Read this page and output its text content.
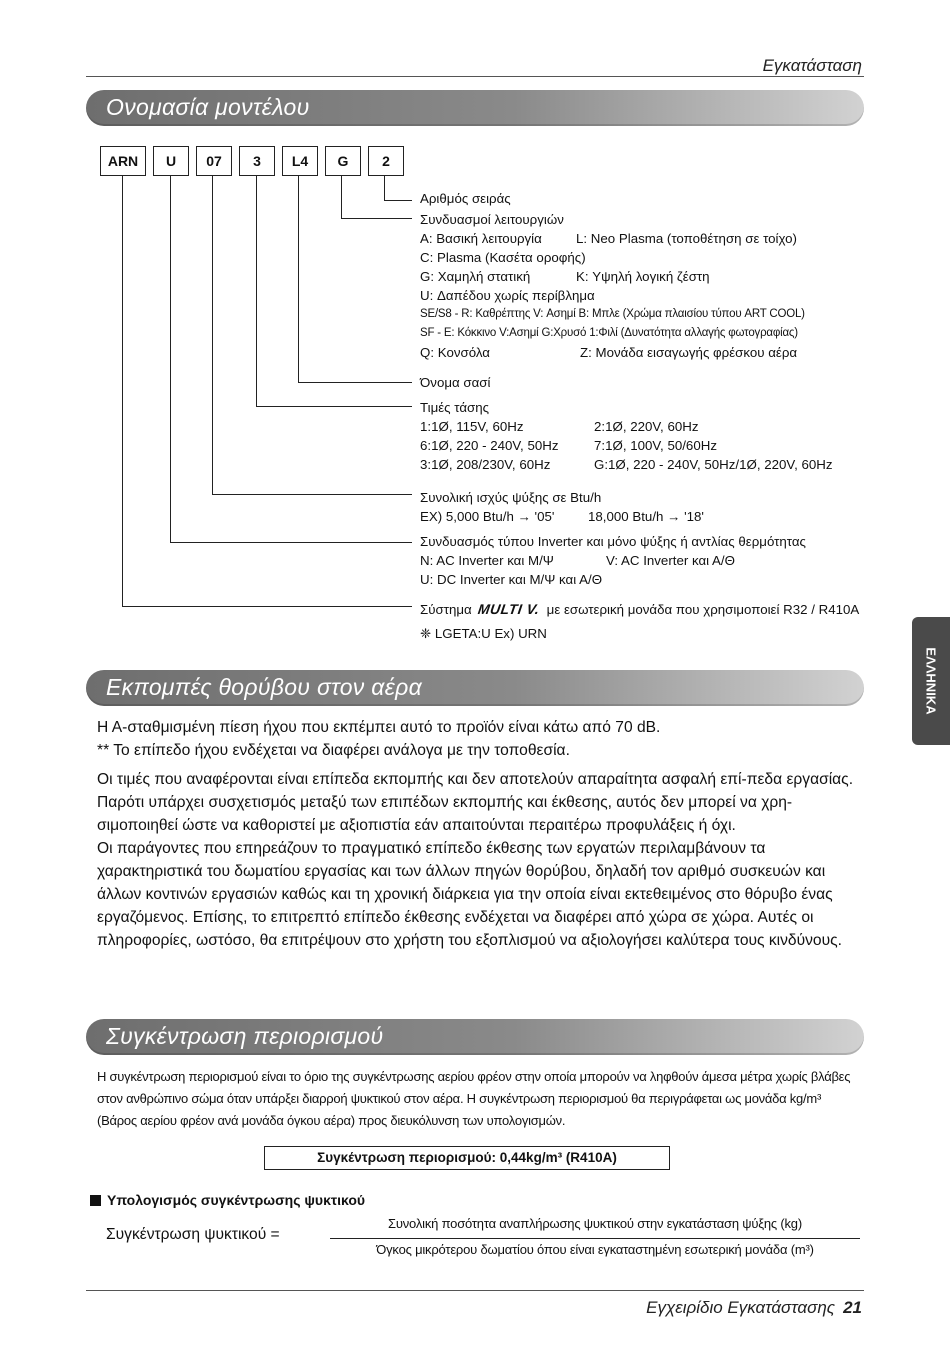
Εγκατάσταση
Ονομασία μοντέλου
ARN	U	07	3	L4	G	2
Αριθμός σειράς
Συνδυασμοί λειτουργιών
A: Βασική λειτουργία	L: Neo Plasma (τοποθέτηση σε τοίχο)
C: Plasma (Κασέτα οροφής)
G: Χαμηλή στατική	K: Υψηλή λογική ζέστη
U: Δαπέδου χωρίς περίβλημα
SE/S8 - R: Καθρέπτης V: Ασημί B: Μπλε (Χρώμα πλαισίου τύπου ART COOL)
SF - E: Κόκκινο V:Ασημί G:Χρυσό 1:Φιλί (Δυνατότητα αλλαγής φωτογραφίας)
Q: Κονσόλα	Z: Μονάδα εισαγωγής φρέσκου αέρα
Όνομα σασί
Τιμές τάσης
1:1Ø, 115V, 60Hz	2:1Ø, 220V, 60Hz
6:1Ø, 220 - 240V, 50Hz	7:1Ø, 100V, 50/60Hz
3:1Ø, 208/230V, 60Hz	G:1Ø, 220 - 240V, 50Hz/1Ø, 220V, 60Hz
Συνολική ισχύς ψύξης σε Btu/h
EX) 5,000 Btu/h → '05'	18,000 Btu/h → '18'
Συνδυασμός τύπου Inverter και μόνο ψύξης ή αντλίας θερμότητας
N: AC Inverter και Μ/Ψ	V: AC Inverter και Α/Θ
U: DC Inverter και Μ/Ψ και Α/Θ
Σύστημα MULTI V. με εσωτερική μονάδα που χρησιμοποιεί R32 / R410A
❈ LGETA:U Ex) URN
ΕΛΛΗΝΙΚΑ
Εκπομπές θορύβου στον αέρα

Η Α-σταθμισμένη πίεση ήχου που εκπέμπει αυτό το προϊόν είναι κάτω από 70 dB.

** Το επίπεδο ήχου ενδέχεται να διαφέρει ανάλογα με την τοποθεσία.

Οι τιμές που αναφέρονται είναι επίπεδα εκπομπής και δεν αποτελούν απαραίτητα ασφαλή επί-πεδα εργασίας.

Παρότι υπάρχει συσχετισμός μεταξύ των επιπέδων εκπομπής και έκθεσης, αυτός δεν μπορεί να χρη-σιμοποιηθεί ώστε να καθοριστεί με αξιοπιστία εάν απαιτούνται περαιτέρω προφυλάξεις ή όχι.

Οι παράγοντες που επηρεάζουν το πραγματικό επίπεδο έκθεσης των εργατών περιλαμβάνουν τα χαρακτηριστικά του δωματίου εργασίας και των άλλων πηγών θορύβου, δηλαδή τον αριθμό συσκευών και άλλων κοντινών εργασιών καθώς και τη χρονική διάρκεια για την οποία είναι εκτεθειμένος στο θόρυβο ένας εργαζόμενος. Επίσης, το επιτρεπτό επίπεδο έκθεσης ενδέχεται να διαφέρει από χώρα σε χώρα. Αυτές οι πληροφορίες, ωστόσο, θα επιτρέψουν στο χρήστη του εξοπλισμού να αξιολογήσει καλύτερα τους κινδύνους.

Συγκέντρωση περιορισμού
Η συγκέντρωση περιορισμού είναι το όριο της συγκέντρωσης αερίου φρέον στην οποία μπορούν να ληφθούν άμεσα μέτρα χωρίς βλάβες στον ανθρώπινο σώμα όταν υπάρξει διαρροή ψυκτικού στον αέρα. Η συγκέντρωση περιορισμού θα περιγράφεται ως μονάδα kg/m³ (Βάρος αερίου φρέον ανά μονάδα όγκου αέρα) προς διευκόλυνση των υπολογισμών.
Συγκέντρωση περιορισμού: 0,44kg/m³ (R410A)
Υπολογισμός συγκέντρωσης ψυκτικού
Συγκέντρωση ψυκτικού =
Συνολική ποσότητα αναπλήρωσης ψυκτικού στην εγκατάσταση ψύξης (kg)
Όγκος μικρότερου δωματίου όπου είναι εγκαταστημένη εσωτερική μονάδα (m³)
Εγχειρίδιο Εγκατάστασης 21
